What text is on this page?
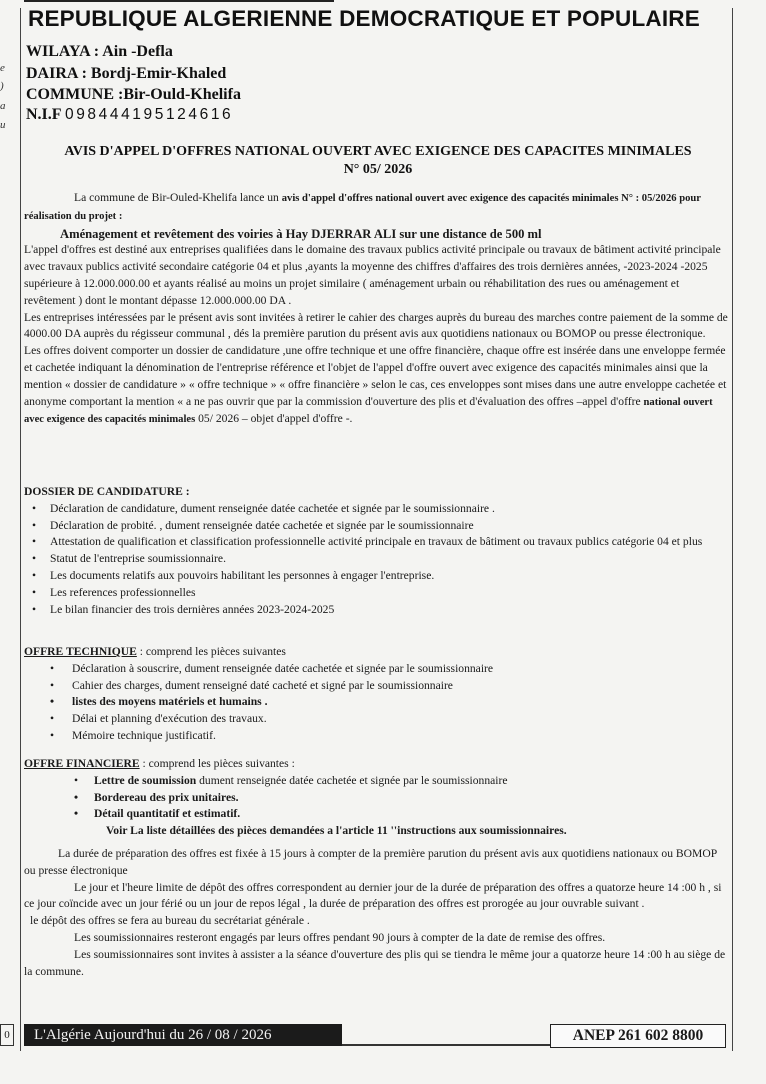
e
)
a
u
REPUBLIQUE ALGERIENNE DEMOCRATIQUE ET POPULAIRE
WILAYA : Ain -Defla
DAIRA : Bordj-Emir-Khaled
COMMUNE :Bir-Ould-Khelifa
N.I.F 098444195124616
AVIS D'APPEL D'OFFRES NATIONAL OUVERT AVEC EXIGENCE DES CAPACITES MINIMALES
N° 05/ 2026

La commune de Bir-Ouled-Khelifa lance un avis d'appel d'offres national ouvert avec exigence des capacités minimales N° : 05/2026 pour réalisation du projet :

Aménagement et revêtement des voiries à Hay DJERRAR ALI sur une distance de 500 ml

L'appel d'offres est destiné aux entreprises qualifiées dans le domaine des travaux publics activité principale ou travaux de bâtiment activité principale avec travaux publics activité secondaire catégorie 04 et plus ,ayants la moyenne des chiffres d'affaires des trois dernières années, -2023-2024 -2025 supérieure à 12.000.000.00 et ayants réalisé au moins un projet similaire ( aménagement urbain ou réhabilitation des rues ou aménagement et revêtement ) dont le montant dépasse 12.000.000.00 DA .

Les entreprises intéressées par le présent avis sont invitées à retirer le cahier des charges auprès du bureau des marches contre paiement de la somme de 4000.00 DA auprès du régisseur communal , dés la première parution du présent avis aux quotidiens nationaux ou BOMOP ou presse électronique.

Les offres doivent comporter un dossier de candidature ,une offre technique et une offre financière, chaque offre est insérée dans une enveloppe fermée et cachetée indiquant la dénomination de l'entreprise référence et l'objet de l'appel d'offre ouvert avec exigence des capacités minimales ainsi que la mention « dossier de candidature » « offre technique » « offre financière » selon le cas, ces enveloppes sont mises dans une autre enveloppe cachetée et anonyme comportant la mention « a ne pas ouvrir que par la commission d'ouverture des plis et d'évaluation des offres –appel d'offre national ouvert avec exigence des capacités minimales 05/ 2026 – objet d'appel d'offre -.

DOSSIER DE CANDIDATURE :

• Déclaration de candidature, dument renseignée datée cachetée et signée par le soumissionnaire .
• Déclaration de probité. , dument renseignée datée cachetée et signée par le soumissionnaire
• Attestation de qualification et classification professionnelle activité principale en travaux de bâtiment ou travaux publics catégorie 04 et plus
• Statut de l'entreprise soumissionnaire.
• Les documents relatifs aux pouvoirs habilitant les personnes à engager l'entreprise.
• Les references professionnelles
• Le bilan financier des trois dernières années 2023-2024-2025

OFFRE TECHNIQUE : comprend les pièces suivantes

• Déclaration à souscrire, dument renseignée datée cachetée et signée par le soumissionnaire
• Cahier des charges, dument renseigné daté cacheté et signé par le soumissionnaire
• listes des moyens matériels et humains .
• Délai et planning d'exécution des travaux.
• Mémoire technique justificatif.

OFFRE FINANCIERE : comprend les pièces suivantes :

• Lettre de soumission dument renseignée datée cachetée et signée par le soumissionnaire
• Bordereau des prix unitaires.
• Détail quantitatif et estimatif.

Voir La liste détaillées des pièces demandées a l'article 11 ''instructions aux soumissionnaires.

La durée de préparation des offres est fixée à 15 jours à compter de la première parution du présent avis aux quotidiens nationaux ou BOMOP ou presse électronique

Le jour et l'heure limite de dépôt des offres correspondent au dernier jour de la durée de préparation des offres a quatorze heure 14 :00 h , si ce jour coïncide avec un jour férié ou un jour de repos légal , la durée de préparation des offres est prorogée au jour ouvrable suivant .

le dépôt des offres se fera au bureau du secrétariat générale .

Les soumissionnaires resteront engagés par leurs offres pendant 90 jours à compter de la date de remise des offres.

Les soumissionnaires sont invites à assister a la séance d'ouverture des plis qui se tiendra le même jour a quatorze heure 14 :00 h au siège de la commune.

0	L'Algérie Aujourd'hui du 26 / 08 / 2026	ANEP 261 602 8800
